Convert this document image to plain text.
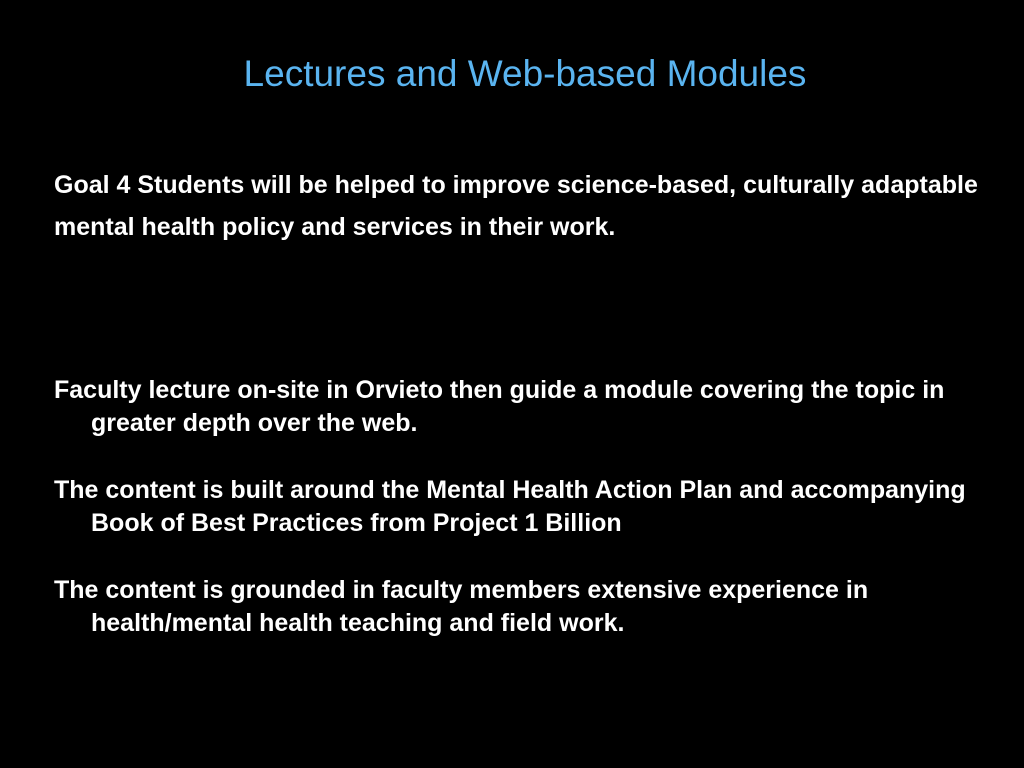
Lectures and Web-based Modules

Goal 4 Students will be helped to improve science-based, culturally adaptable mental health policy and services in their work.

Faculty lecture on-site in Orvieto then guide a module covering the topic in greater depth over the web.
The content is built around the Mental Health Action Plan and accompanying Book of Best Practices from Project 1 Billion
The content is grounded in faculty members extensive experience in health/mental health teaching and field work.
